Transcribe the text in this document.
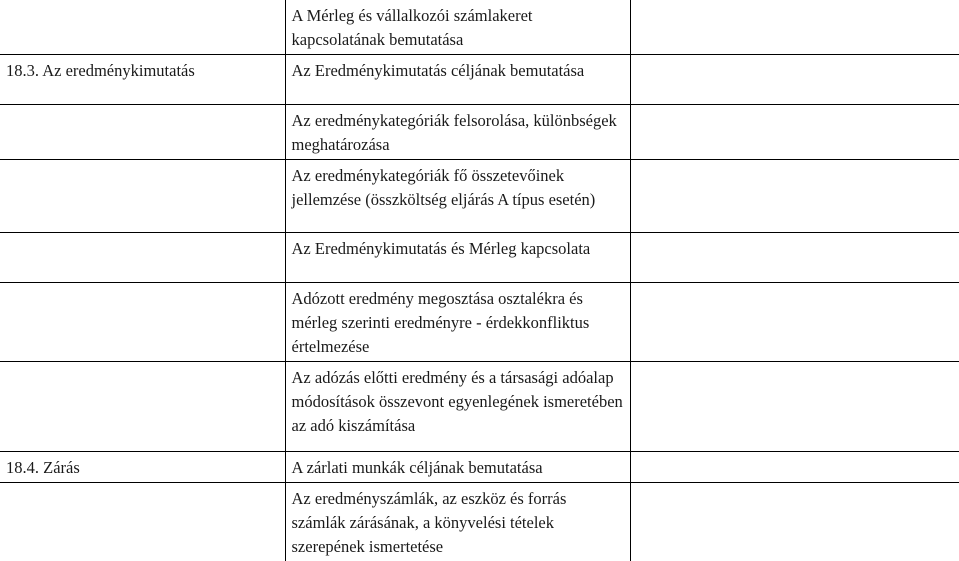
	A Mérleg és vállalkozói számlakeret kapcsolatának bemutatása	
18.3. Az eredménykimutatás	Az Eredménykimutatás céljának bemutatása	
	Az eredménykategóriák felsorolása, különbségek meghatározása	
	Az eredménykategóriák fő összetevőinek jellemzése (összköltség eljárás A típus esetén)	
	Az Eredménykimutatás és Mérleg kapcsolata	
	Adózott eredmény megosztása osztalékra és mérleg szerinti eredményre - érdekkonfliktus értelmezése	
	Az adózás előtti eredmény és a társasági adóalap módosítások összevont egyenlegének ismeretében az adó kiszámítása	
18.4. Zárás	A zárlati munkák céljának bemutatása	
	Az eredményszámlák, az eszköz és forrás számlák zárásának, a könyvelési tételek szerepének ismertetése	
